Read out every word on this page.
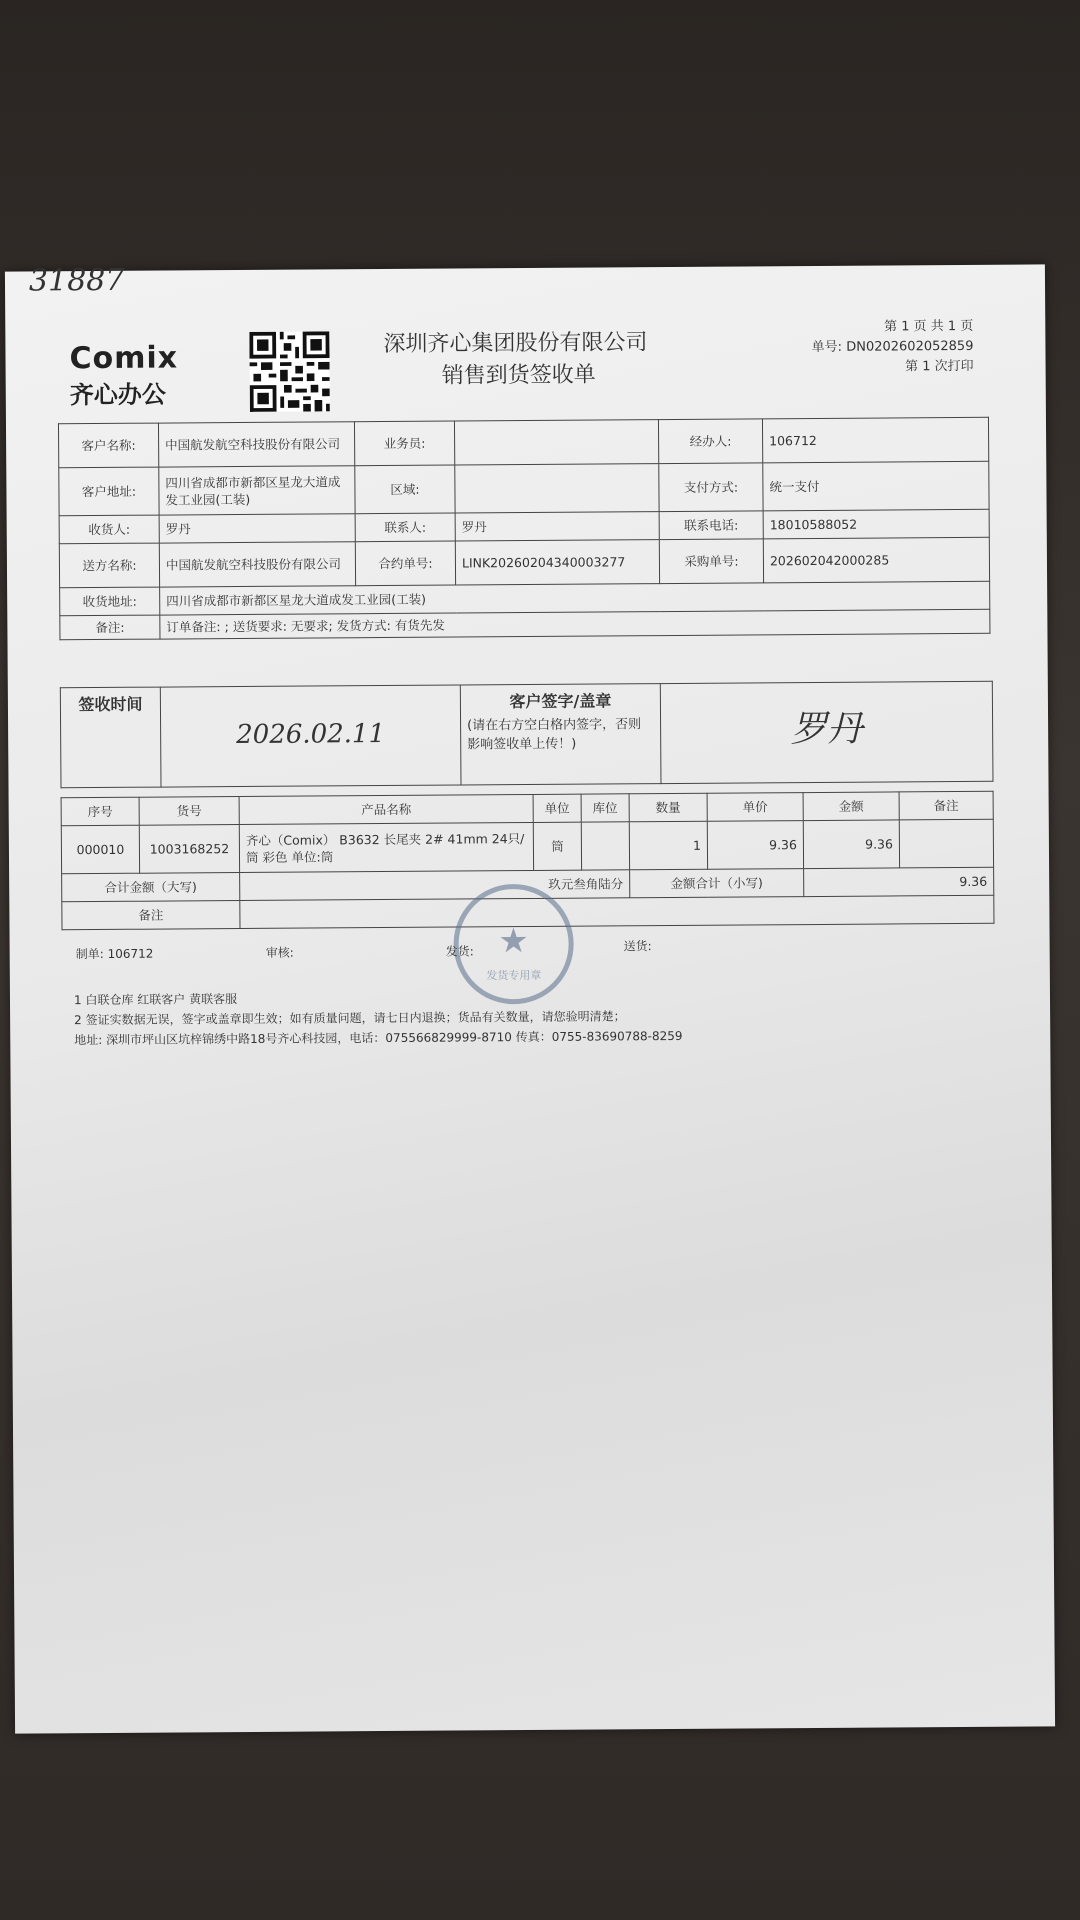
31887
Comix
齐心办公
深圳齐心集团股份有限公司
销售到货签收单
第 1 页 共 1 页
单号: DN0202602052859
第 1 次打印
客户名称:	中国航发航空科技股份有限公司	业务员:		经办人:	106712
客户地址:	四川省成都市新都区星龙大道成发工业园(工装)	区域:		支付方式:	统一支付
收货人:	罗丹	联系人:	罗丹	联系电话:	18010588052
送方名称:	中国航发航空科技股份有限公司	合约单号:	LINK20260204340003277	采购单号:	202602042000285
收货地址:	四川省成都市新都区星龙大道成发工业园(工装)				
备注:	订单备注: ; 送货要求: 无要求; 发货方式: 有货先发				
签收时间
	2026.02.11	
客户签字/盖章
(请在右方空白格内签字，否则影响签收单上传！)	罗丹
序号	货号	产品名称	单位	库位	数量	单价	金额	备注
000010	1003168252	齐心（Comix） B3632 长尾夹 2# 41mm 24只/筒 彩色 单位:筒	筒		1	9.36	9.36	
合计金额（大写)		玖元叁角陆分			金额合计（小写)		9.36	
备注								
★
发货专用章
制单: 106712	审核:	发货:	送货:
1 白联仓库 红联客户 黄联客服
2 签证实数据无误，签字或盖章即生效；如有质量问题，请七日内退换；货品有关数量，请您验明清楚；
地址: 深圳市坪山区坑梓锦绣中路18号齐心科技园，电话：075566829999-8710 传真：0755-83690788-8259
